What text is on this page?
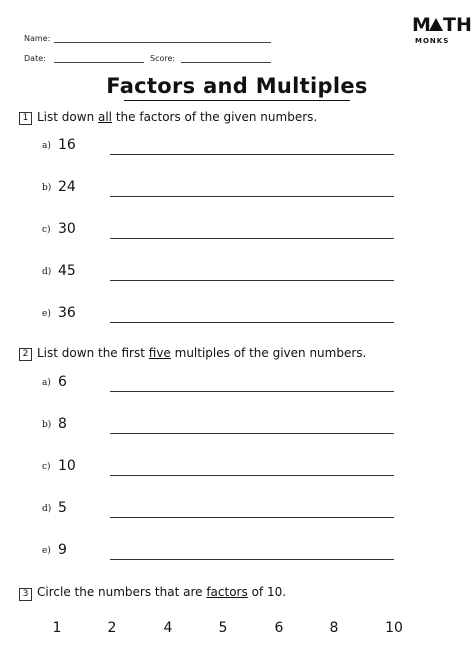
Name:
Date:	Score:
M TH
MONKS
Factors and Multiples
1 List down all the factors of the given numbers.
a) 16
b) 24
c) 30
d) 45
e) 36
2 List down the first five multiples of the given numbers.
a) 6
b) 8
c) 10
d) 5
e) 9
3 Circle the numbers that are factors of 10.
1	2	4	5	6	8	10
